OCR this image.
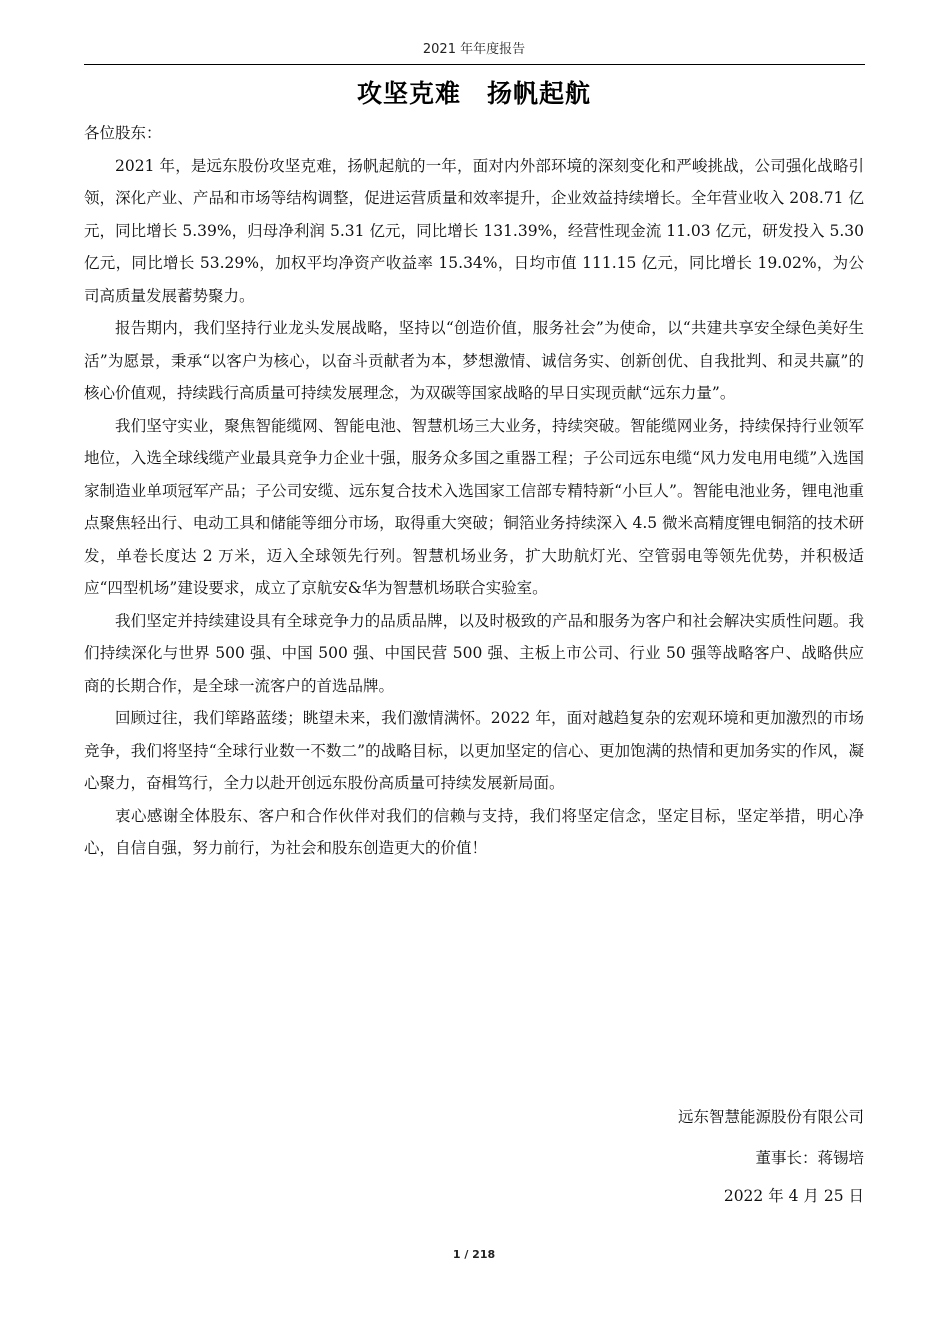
2021 年年度报告
攻坚克难　扬帆起航

各位股东：

2021 年，是远东股份攻坚克难，扬帆起航的一年，面对内外部环境的深刻变化和严峻挑战，公司强化战略引领，深化产业、产品和市场等结构调整，促进运营质量和效率提升，企业效益持续增长。全年营业收入 208.71 亿元，同比增长 5.39%，归母净利润 5.31 亿元，同比增长 131.39%，经营性现金流 11.03 亿元，研发投入 5.30 亿元，同比增长 53.29%，加权平均净资产收益率 15.34%，日均市值 111.15 亿元，同比增长 19.02%，为公司高质量发展蓄势聚力。

报告期内，我们坚持行业龙头发展战略，坚持以“创造价值，服务社会”为使命，以“共建共享安全绿色美好生活”为愿景，秉承“以客户为核心，以奋斗贡献者为本，梦想激情、诚信务实、创新创优、自我批判、和灵共赢”的核心价值观，持续践行高质量可持续发展理念，为双碳等国家战略的早日实现贡献“远东力量”。

我们坚守实业，聚焦智能缆网、智能电池、智慧机场三大业务，持续突破。智能缆网业务，持续保持行业领军地位，入选全球线缆产业最具竞争力企业十强，服务众多国之重器工程；子公司远东电缆“风力发电用电缆”入选国家制造业单项冠军产品；子公司安缆、远东复合技术入选国家工信部专精特新“小巨人”。智能电池业务，锂电池重点聚焦轻出行、电动工具和储能等细分市场，取得重大突破；铜箔业务持续深入 4.5 微米高精度锂电铜箔的技术研发，单卷长度达 2 万米，迈入全球领先行列。智慧机场业务，扩大助航灯光、空管弱电等领先优势，并积极适应“四型机场”建设要求，成立了京航安&华为智慧机场联合实验室。

我们坚定并持续建设具有全球竞争力的品质品牌，以及时极致的产品和服务为客户和社会解决实质性问题。我们持续深化与世界 500 强、中国 500 强、中国民营 500 强、主板上市公司、行业 50 强等战略客户、战略供应商的长期合作，是全球一流客户的首选品牌。

回顾过往，我们筚路蓝缕；眺望未来，我们激情满怀。2022 年，面对越趋复杂的宏观环境和更加激烈的市场竞争，我们将坚持“全球行业数一不数二”的战略目标，以更加坚定的信心、更加饱满的热情和更加务实的作风，凝心聚力，奋楫笃行，全力以赴开创远东股份高质量可持续发展新局面。

衷心感谢全体股东、客户和合作伙伴对我们的信赖与支持，我们将坚定信念，坚定目标，坚定举措，明心净心，自信自强，努力前行，为社会和股东创造更大的价值！

远东智慧能源股份有限公司
董事长：蒋锡培
2022 年 4 月 25 日
1 / 218
